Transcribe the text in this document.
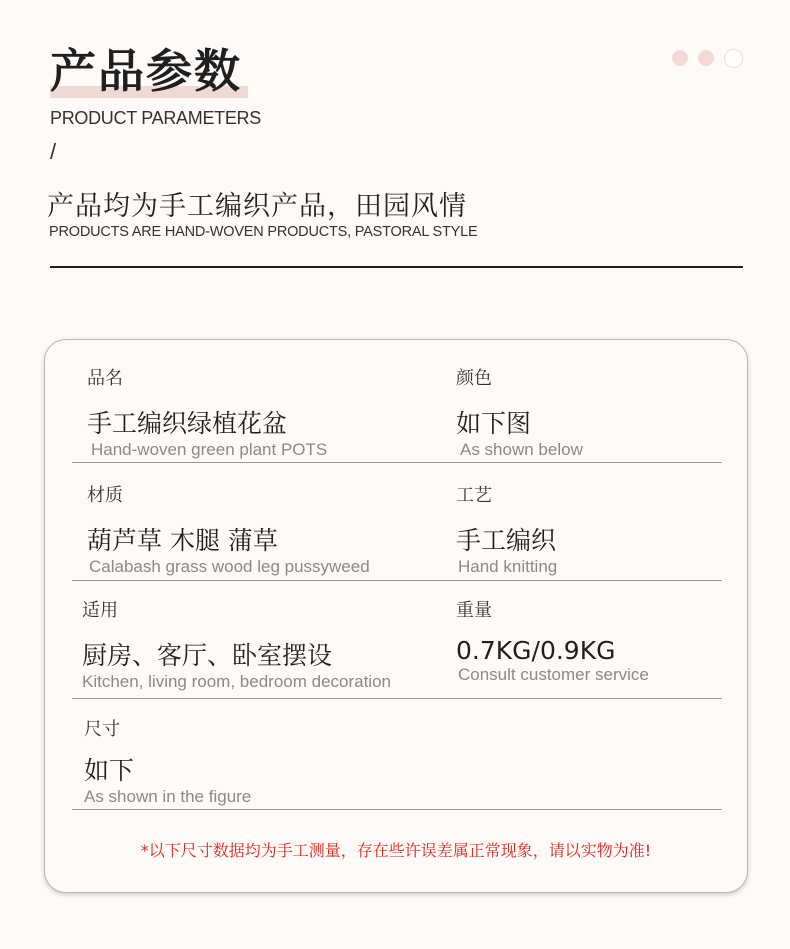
产品参数
PRODUCT PARAMETERS
/
产品均为手工编织产品，田园风情
PRODUCTS ARE HAND-WOVEN PRODUCTS, PASTORAL STYLE
品名
手工编织绿植花盆
Hand-woven green plant POTS
颜色
如下图
As shown below
材质
葫芦草 木腿 蒲草
Calabash grass wood leg pussyweed
工艺
手工编织
Hand knitting
适用
厨房、客厅、卧室摆设
Kitchen, living room, bedroom decoration
重量
0.7KG/0.9KG
Consult customer service
尺寸
如下
As shown in the figure
*以下尺寸数据均为手工测量，存在些许误差属正常现象，请以实物为准!
